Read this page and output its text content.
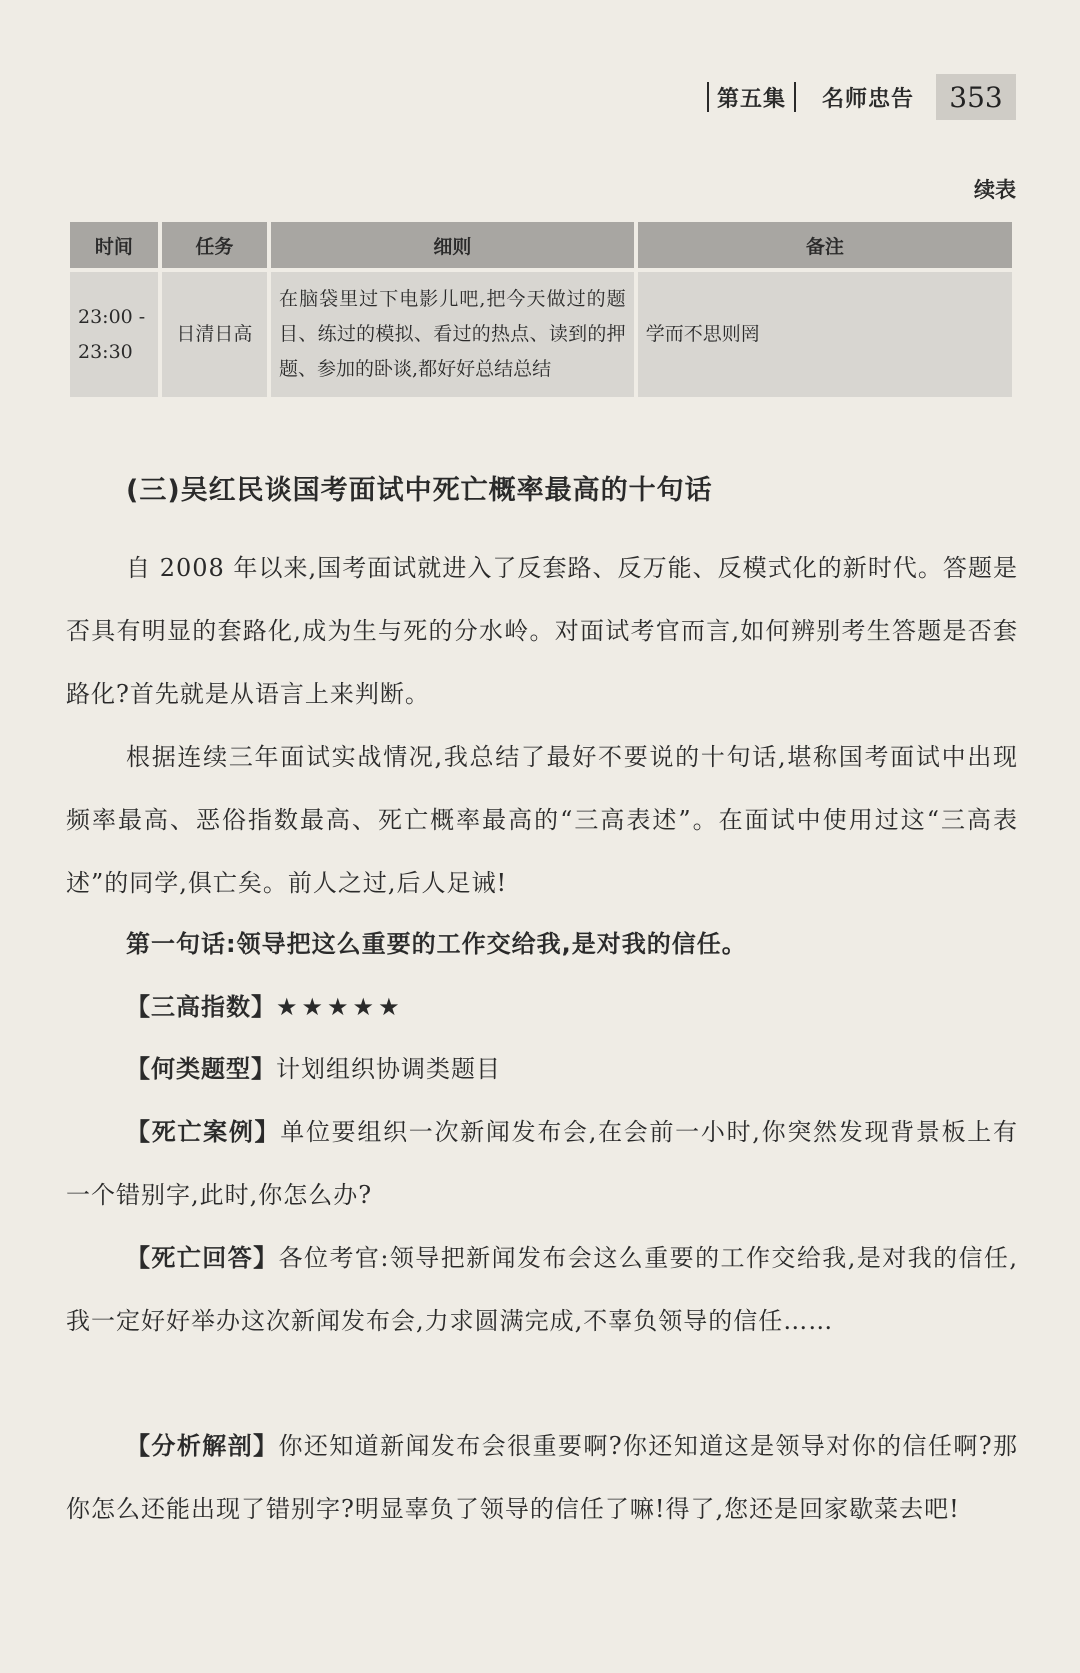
第五集 名师忠告	353
续表
时间	任务	细则	备注

23:00 - 23:30	日清日高	在脑袋里过下电影儿吧,把今天做过的题目、练过的模拟、看过的热点、读到的押题、参加的卧谈,都好好总结总结	学而不思则罔
(三)吴红民谈国考面试中死亡概率最高的十句话

自 2008 年以来,国考面试就进入了反套路、反万能、反模式化的新时代。答题是否具有明显的套路化,成为生与死的分水岭。对面试考官而言,如何辨别考生答题是否套路化?首先就是从语言上来判断。

根据连续三年面试实战情况,我总结了最好不要说的十句话,堪称国考面试中出现频率最高、恶俗指数最高、死亡概率最高的“三高表述”。在面试中使用过这“三高表述”的同学,俱亡矣。前人之过,后人足诫!

第一句话:领导把这么重要的工作交给我,是对我的信任。

【三高指数】★★★★★

【何类题型】计划组织协调类题目

【死亡案例】单位要组织一次新闻发布会,在会前一小时,你突然发现背景板上有一个错别字,此时,你怎么办?

【死亡回答】各位考官:领导把新闻发布会这么重要的工作交给我,是对我的信任,我一定好好举办这次新闻发布会,力求圆满完成,不辜负领导的信任……

【分析解剖】你还知道新闻发布会很重要啊?你还知道这是领导对你的信任啊?那你怎么还能出现了错别字?明显辜负了领导的信任了嘛!得了,您还是回家歇菜去吧!
